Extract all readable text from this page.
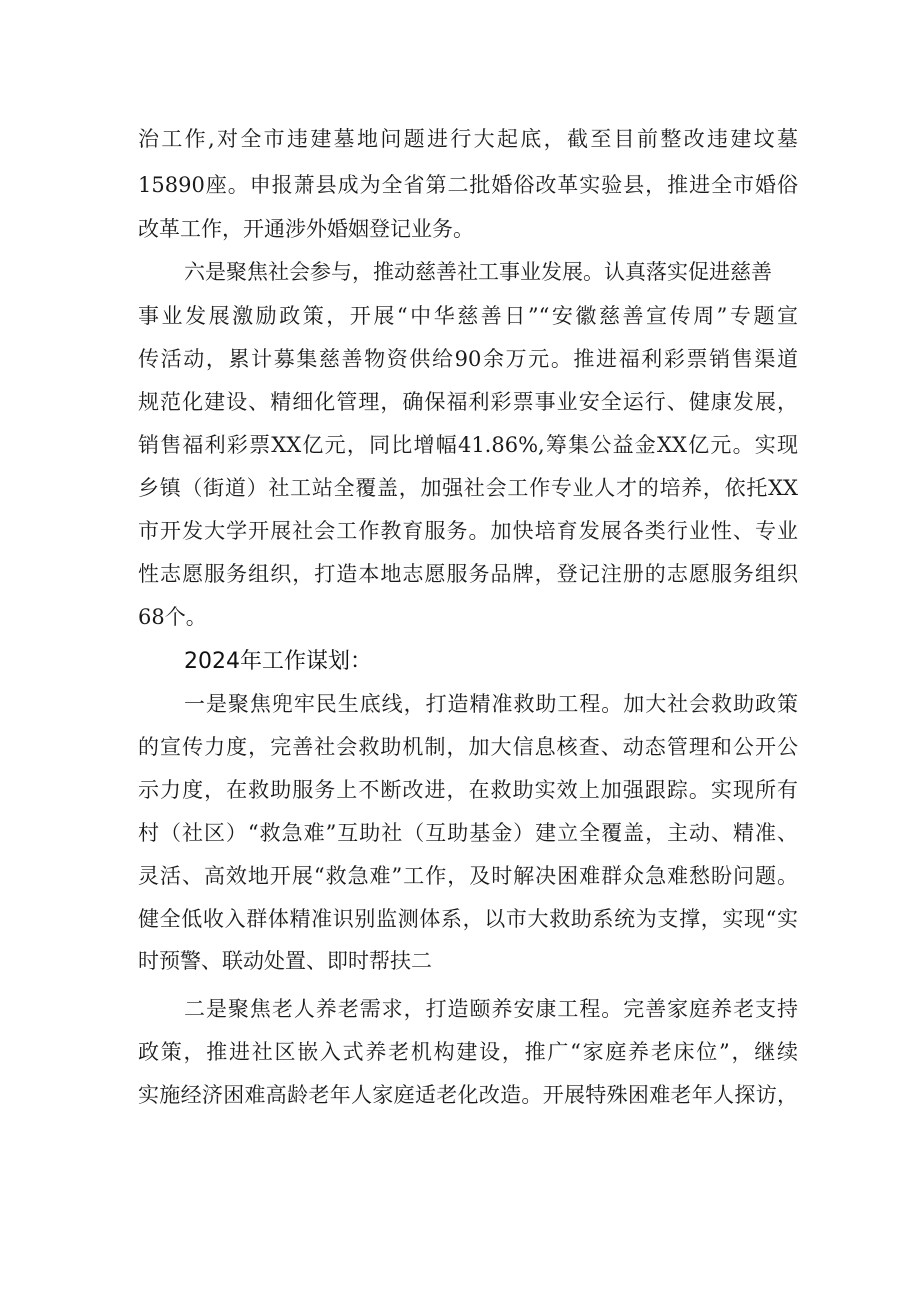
治工作,对全市违建墓地问题进行大起底，截至目前整改违建坟墓
15890座。申报萧县成为全省第二批婚俗改革实验县，推进全市婚俗
改革工作，开通涉外婚姻登记业务。
六是聚焦社会参与，推动慈善社工事业发展。认真落实促进慈善
事业发展激励政策，开展“中华慈善日”“安徽慈善宣传周”专题宣
传活动，累计募集慈善物资供给90余万元。推进福利彩票销售渠道
规范化建设、精细化管理，确保福利彩票事业安全运行、健康发展，
销售福利彩票XX亿元，同比增幅41.86%,筹集公益金XX亿元。实现
乡镇（街道）社工站全覆盖，加强社会工作专业人才的培养，依托XX
市开发大学开展社会工作教育服务。加快培育发展各类行业性、专业
性志愿服务组织，打造本地志愿服务品牌，登记注册的志愿服务组织
68个。
2024年工作谋划：
一是聚焦兜牢民生底线，打造精准救助工程。加大社会救助政策
的宣传力度，完善社会救助机制，加大信息核查、动态管理和公开公
示力度，在救助服务上不断改进，在救助实效上加强跟踪。实现所有
村（社区）“救急难”互助社（互助基金）建立全覆盖，主动、精准、
灵活、高效地开展“救急难”工作，及时解决困难群众急难愁盼问题。
健全低收入群体精准识别监测体系，以市大救助系统为支撑，实现“实
时预警、联动处置、即时帮扶二
二是聚焦老人养老需求，打造颐养安康工程。完善家庭养老支持
政策，推进社区嵌入式养老机构建设，推广“家庭养老床位”，继续
实施经济困难高龄老年人家庭适老化改造。开展特殊困难老年人探访，
